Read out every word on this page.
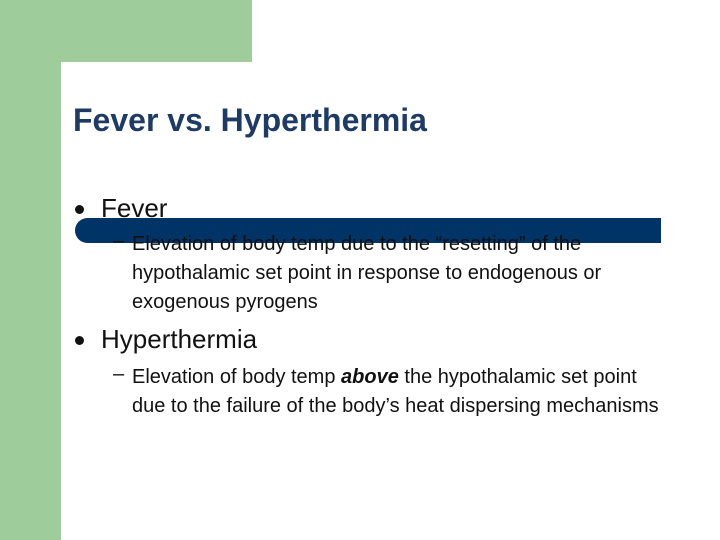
Fever vs. Hyperthermia
Fever
– Elevation of body temp due to the “resetting” of the hypothalamic set point in response to endogenous or exogenous pyrogens
Hyperthermia
– Elevation of body temp above the hypothalamic set point due to the failure of the body’s heat dispersing mechanisms
